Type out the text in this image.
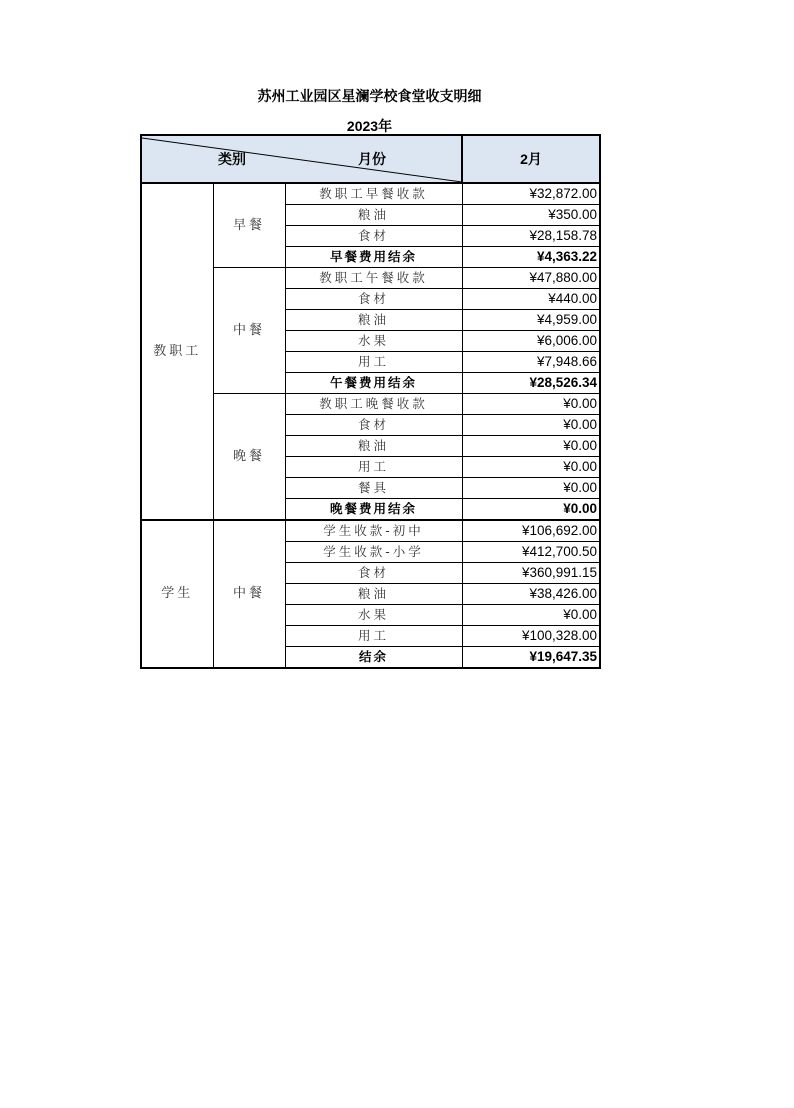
苏州工业园区星澜学校食堂收支明细
2023年
类别 月份			2月
教职工	早餐	教职工早餐收款	¥32,872.00
		粮油	¥350.00
		食材	¥28,158.78
		早餐费用结余	¥4,363.22
	中餐	教职工午餐收款	¥47,880.00
		食材	¥440.00
		粮油	¥4,959.00
		水果	¥6,006.00
		用工	¥7,948.66
		午餐费用结余	¥28,526.34
	晚餐	教职工晚餐收款	¥0.00
		食材	¥0.00
		粮油	¥0.00
		用工	¥0.00
		餐具	¥0.00
		晚餐费用结余	¥0.00
学生	中餐	学生收款-初中	¥106,692.00
		学生收款-小学	¥412,700.50
		食材	¥360,991.15
		粮油	¥38,426.00
		水果	¥0.00
		用工	¥100,328.00
		结余	¥19,647.35
